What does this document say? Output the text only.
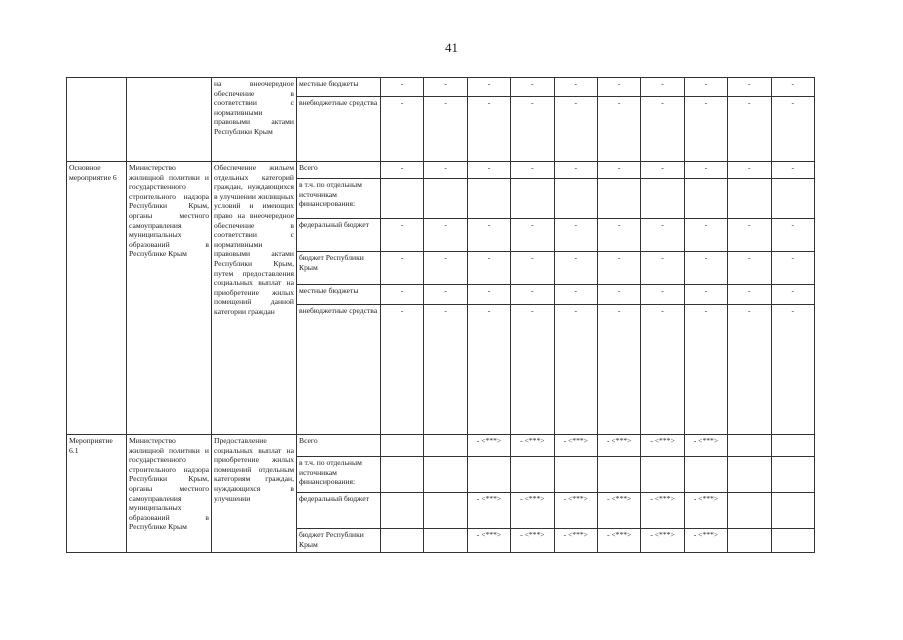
41
		на внеочередное обеспечение в соответствии с нормативными правовыми актами Республики Крым	местные бюджеты	-	-	-	-	-	-	-	-	-	-
			внебюджетные средства	-	-	-	-	-	-	-	-	-	-
Основное мероприятие 6	Министерство жилищной политики и государственного строительного надзора Республики Крым, органы местного самоуправления муниципальных образований в Республике Крым	Обеспечение жильем отдельных категорий граждан, нуждающихся в улучшении жилищных условий и имеющих право на внеочередное обеспечение в соответствии с нормативными правовыми актами Республики Крым, путем предоставления социальных выплат на приобретение жилых помещений данной категории граждан	Всего	-	-	-	-	-	-	-	-	-	-
			в т.ч. по отдельным источникам финансирования:										
			федеральный бюджет	-	-	-	-	-	-	-	-	-	-
			бюджет Республики Крым	-	-	-	-	-	-	-	-	-	-
			местные бюджеты	-	-	-	-	-	-	-	-	-	-
			внебюджетные средства	-	-	-	-	-	-	-	-	-	-
Мероприятие 6.1	Министерство жилищной политики и государственного строительного надзора Республики Крым, органы местного самоуправления муниципальных образований в Республике Крым	Предоставление социальных выплат на приобретение жилых помещений отдельным категориям граждан, нуждающихся в улучшении	Всего			- <***>	- <***>	- <***>	- <***>	- <***>	- <***>		
			в т.ч. по отдельным источникам финансирования:										
			федеральный бюджет			- <***>	- <***>	- <***>	- <***>	- <***>	- <***>		
			бюджет Республики Крым			- <***>	- <***>	- <***>	- <***>	- <***>	- <***>		
